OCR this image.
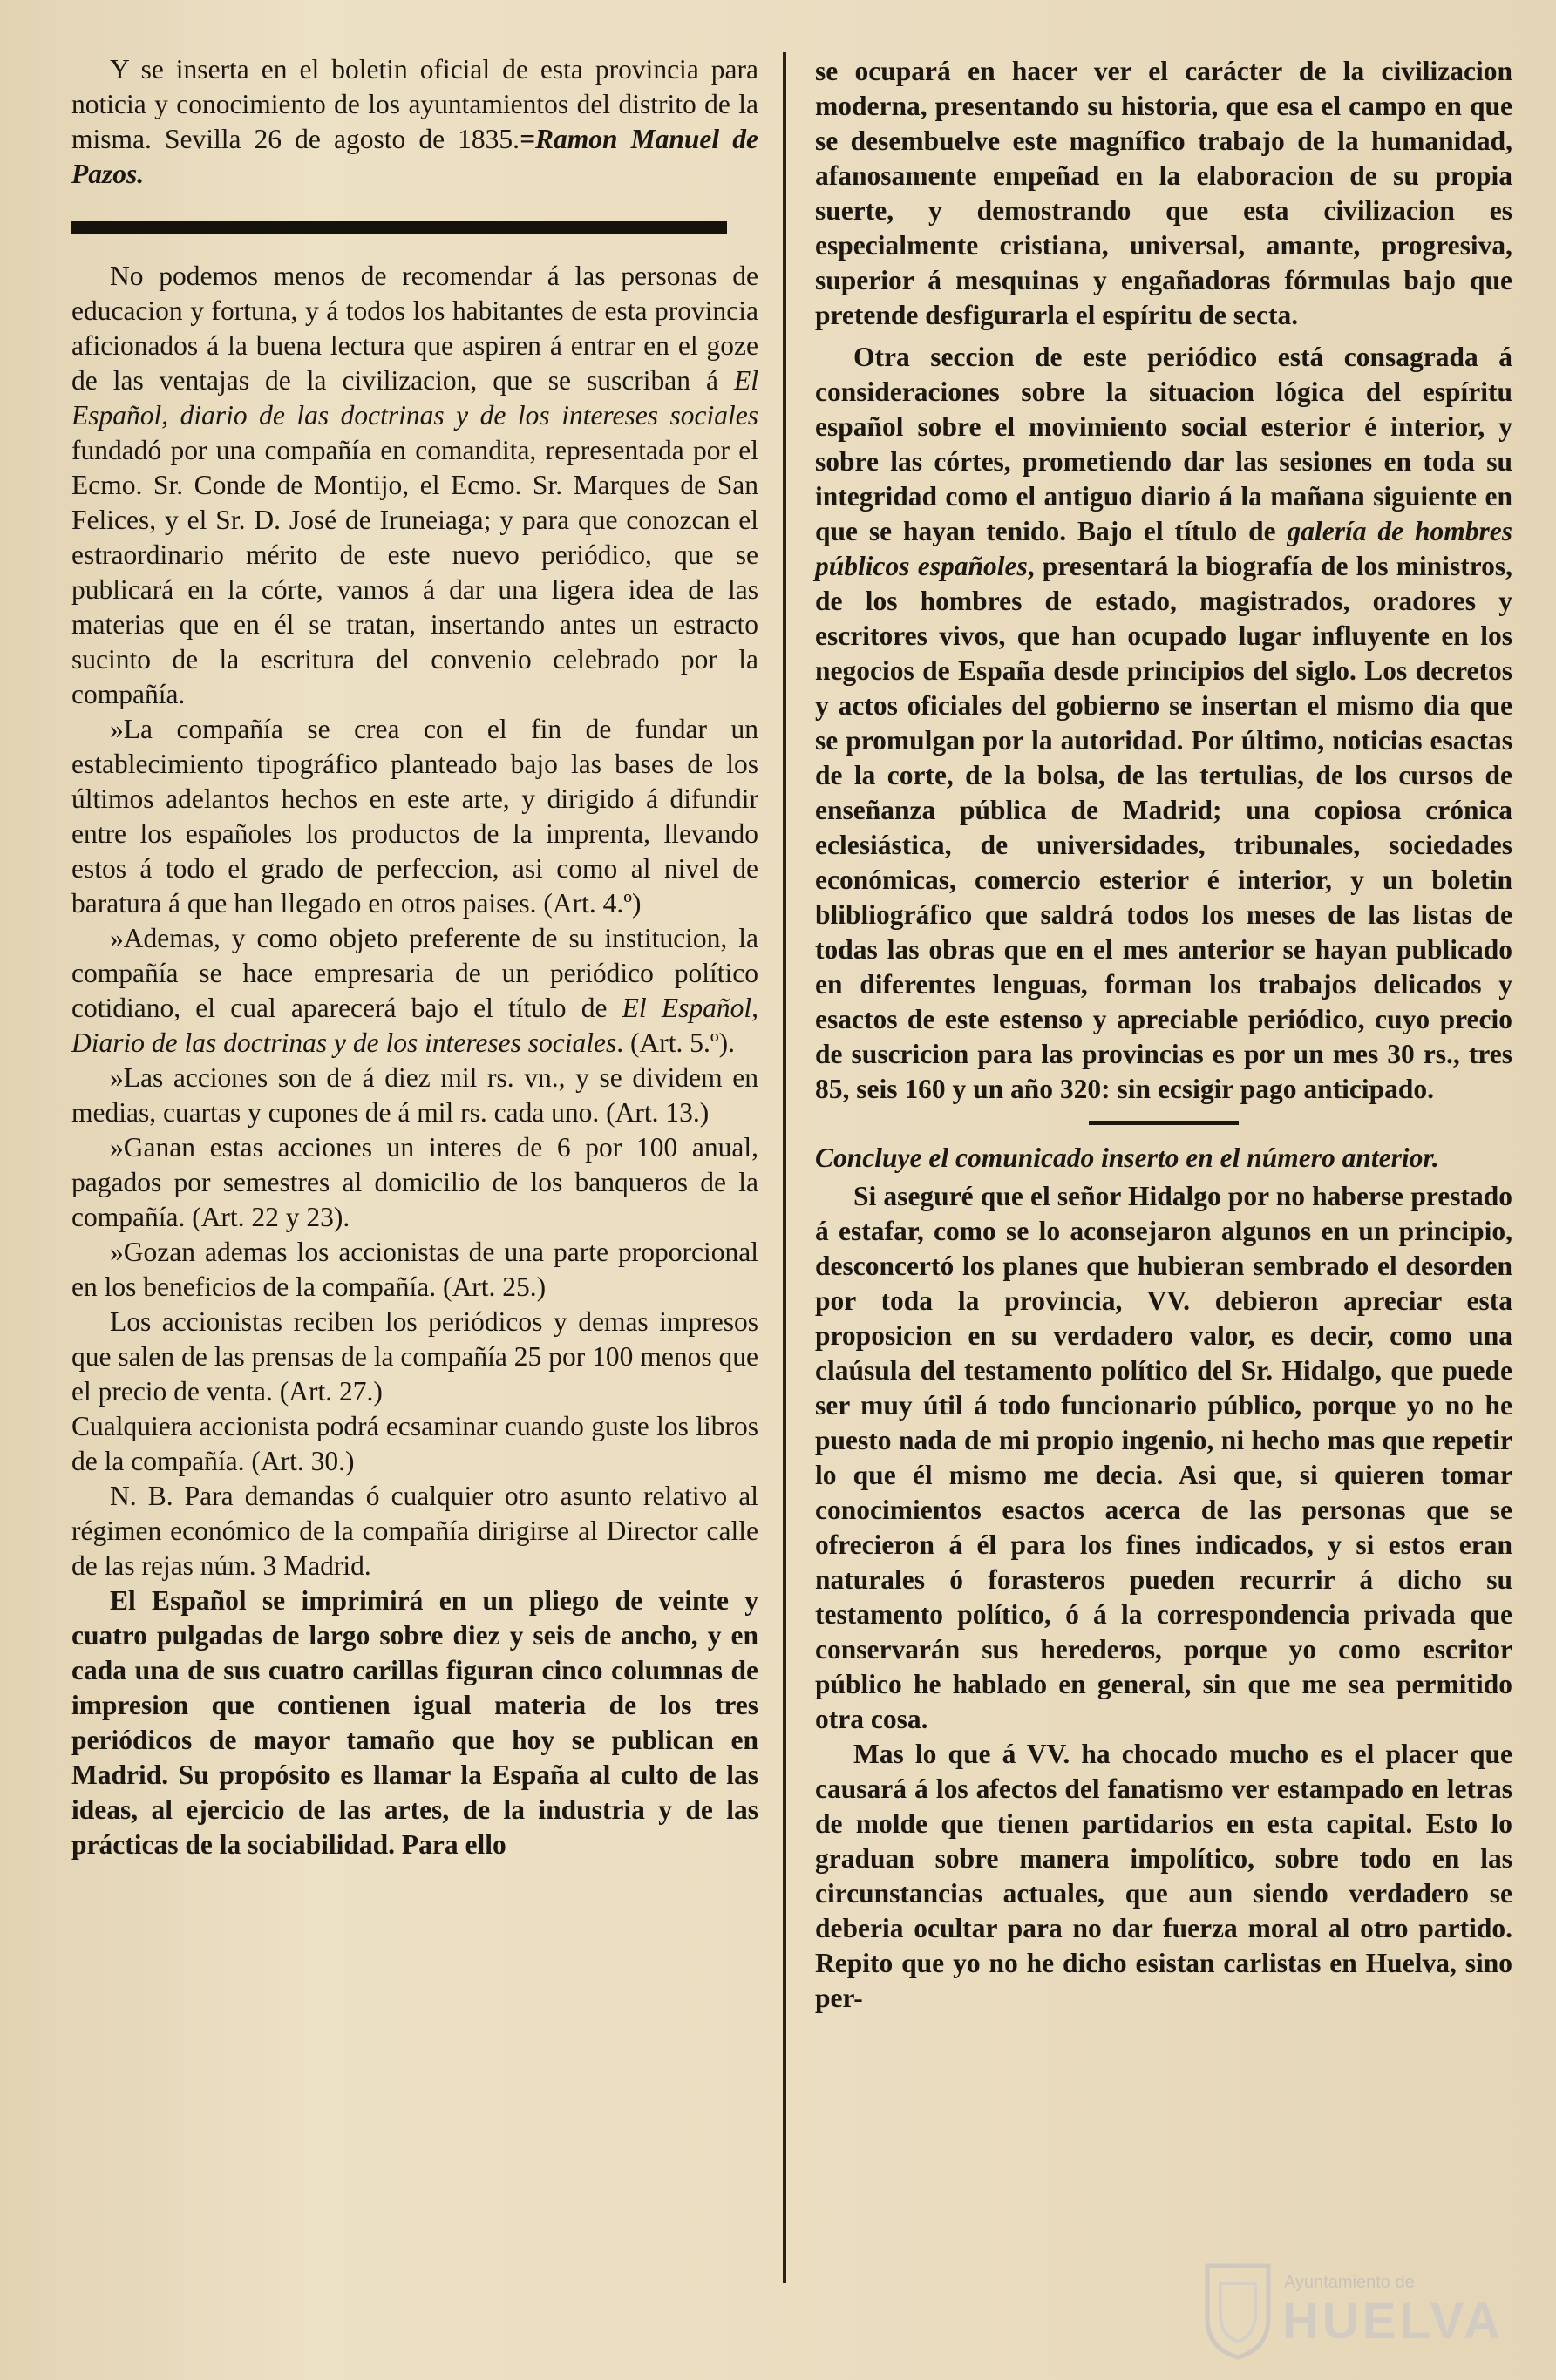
Y se inserta en el boletin oficial de esta provincia para noticia y conocimiento de los ayuntamientos del distrito de la misma. Sevilla 26 de agosto de 1835.=Ramon Manuel de Pazos.

No podemos menos de recomendar á las personas de educacion y fortuna, y á todos los habitantes de esta provincia aficionados á la buena lectura que aspiren á entrar en el goze de las ventajas de la civilizacion, que se suscriban á El Español, diario de las doctrinas y de los intereses sociales fundadó por una compañía en comandita, representada por el Ecmo. Sr. Conde de Montijo, el Ecmo. Sr. Marques de San Felices, y el Sr. D. José de Iruneiaga; y para que conozcan el estraordinario mérito de este nuevo periódico, que se publicará en la córte, vamos á dar una ligera idea de las materias que en él se tratan, insertando antes un estracto sucinto de la escritura del convenio celebrado por la compañía.

»La compañía se crea con el fin de fundar un establecimiento tipográfico planteado bajo las bases de los últimos adelantos hechos en este arte, y dirigido á difundir entre los españoles los productos de la imprenta, llevando estos á todo el grado de perfeccion, asi como al nivel de baratura á que han llegado en otros paises. (Art. 4.º)

»Ademas, y como objeto preferente de su institucion, la compañía se hace empresaria de un periódico político cotidiano, el cual aparecerá bajo el título de El Español, Diario de las doctrinas y de los intereses sociales. (Art. 5.º).

»Las acciones son de á diez mil rs. vn., y se dividem en medias, cuartas y cupones de á mil rs. cada uno. (Art. 13.)

»Ganan estas acciones un interes de 6 por 100 anual, pagados por semestres al domicilio de los banqueros de la compañía. (Art. 22 y 23).

»Gozan ademas los accionistas de una parte proporcional en los beneficios de la compañía. (Art. 25.)

Los accionistas reciben los periódicos y demas impresos que salen de las prensas de la compañía 25 por 100 menos que el precio de venta. (Art. 27.)

Cualquiera accionista podrá ecsaminar cuando guste los libros de la compañía. (Art. 30.)

N. B. Para demandas ó cualquier otro asunto relativo al régimen económico de la compañía dirigirse al Director calle de las rejas núm. 3 Madrid.

El Español se imprimirá en un pliego de veinte y cuatro pulgadas de largo sobre diez y seis de ancho, y en cada una de sus cuatro carillas figuran cinco columnas de impresion que contienen igual materia de los tres periódicos de mayor tamaño que hoy se publican en Madrid. Su propósito es llamar la España al culto de las ideas, al ejercicio de las artes, de la industria y de las prácticas de la sociabilidad. Para ello

se ocupará en hacer ver el carácter de la civilizacion moderna, presentando su historia, que esa el campo en que se desembuelve este magnífico trabajo de la humanidad, afanosamente empeñad en la elaboracion de su propia suerte, y demostrando que esta civilizacion es especialmente cristiana, universal, amante, progresiva, superior á mesquinas y engañadoras fórmulas bajo que pretende desfigurarla el espíritu de secta.

Otra seccion de este periódico está consagrada á consideraciones sobre la situacion lógica del espíritu español sobre el movimiento social esterior é interior, y sobre las córtes, prometiendo dar las sesiones en toda su integridad como el antiguo diario á la mañana siguiente en que se hayan tenido. Bajo el título de galería de hombres públicos españoles, presentará la biografía de los ministros, de los hombres de estado, magistrados, oradores y escritores vivos, que han ocupado lugar influyente en los negocios de España desde principios del siglo. Los decretos y actos oficiales del gobierno se insertan el mismo dia que se promulgan por la autoridad. Por último, noticias esactas de la corte, de la bolsa, de las tertulias, de los cursos de enseñanza pública de Madrid; una copiosa crónica eclesiástica, de universidades, tribunales, sociedades económicas, comercio esterior é interior, y un boletin blibliográfico que saldrá todos los meses de las listas de todas las obras que en el mes anterior se hayan publicado en diferentes lenguas, forman los trabajos delicados y esactos de este estenso y apreciable periódico, cuyo precio de suscricion para las provincias es por un mes 30 rs., tres 85, seis 160 y un año 320: sin ecsigir pago anticipado.

Concluye el comunicado inserto en el número anterior.

Si aseguré que el señor Hidalgo por no haberse prestado á estafar, como se lo aconsejaron algunos en un principio, desconcertó los planes que hubieran sembrado el desorden por toda la provincia, VV. debieron apreciar esta proposicion en su verdadero valor, es decir, como una claúsula del testamento político del Sr. Hidalgo, que puede ser muy útil á todo funcionario público, porque yo no he puesto nada de mi propio ingenio, ni hecho mas que repetir lo que él mismo me decia. Asi que, si quieren tomar conocimientos esactos acerca de las personas que se ofrecieron á él para los fines indicados, y si estos eran naturales ó forasteros pueden recurrir á dicho su testamento político, ó á la correspondencia privada que conservarán sus herederos, porque yo como escritor público he hablado en general, sin que me sea permitido otra cosa.

Mas lo que á VV. ha chocado mucho es el placer que causará á los afectos del fanatismo ver estampado en letras de molde que tienen partidarios en esta capital. Esto lo graduan sobre manera impolítico, sobre todo en las circunstancias actuales, que aun siendo verdadero se deberia ocultar para no dar fuerza moral al otro partido. Repito que yo no he dicho esistan carlistas en Huelva, sino per-

Ayuntamiento de
HUELVA
